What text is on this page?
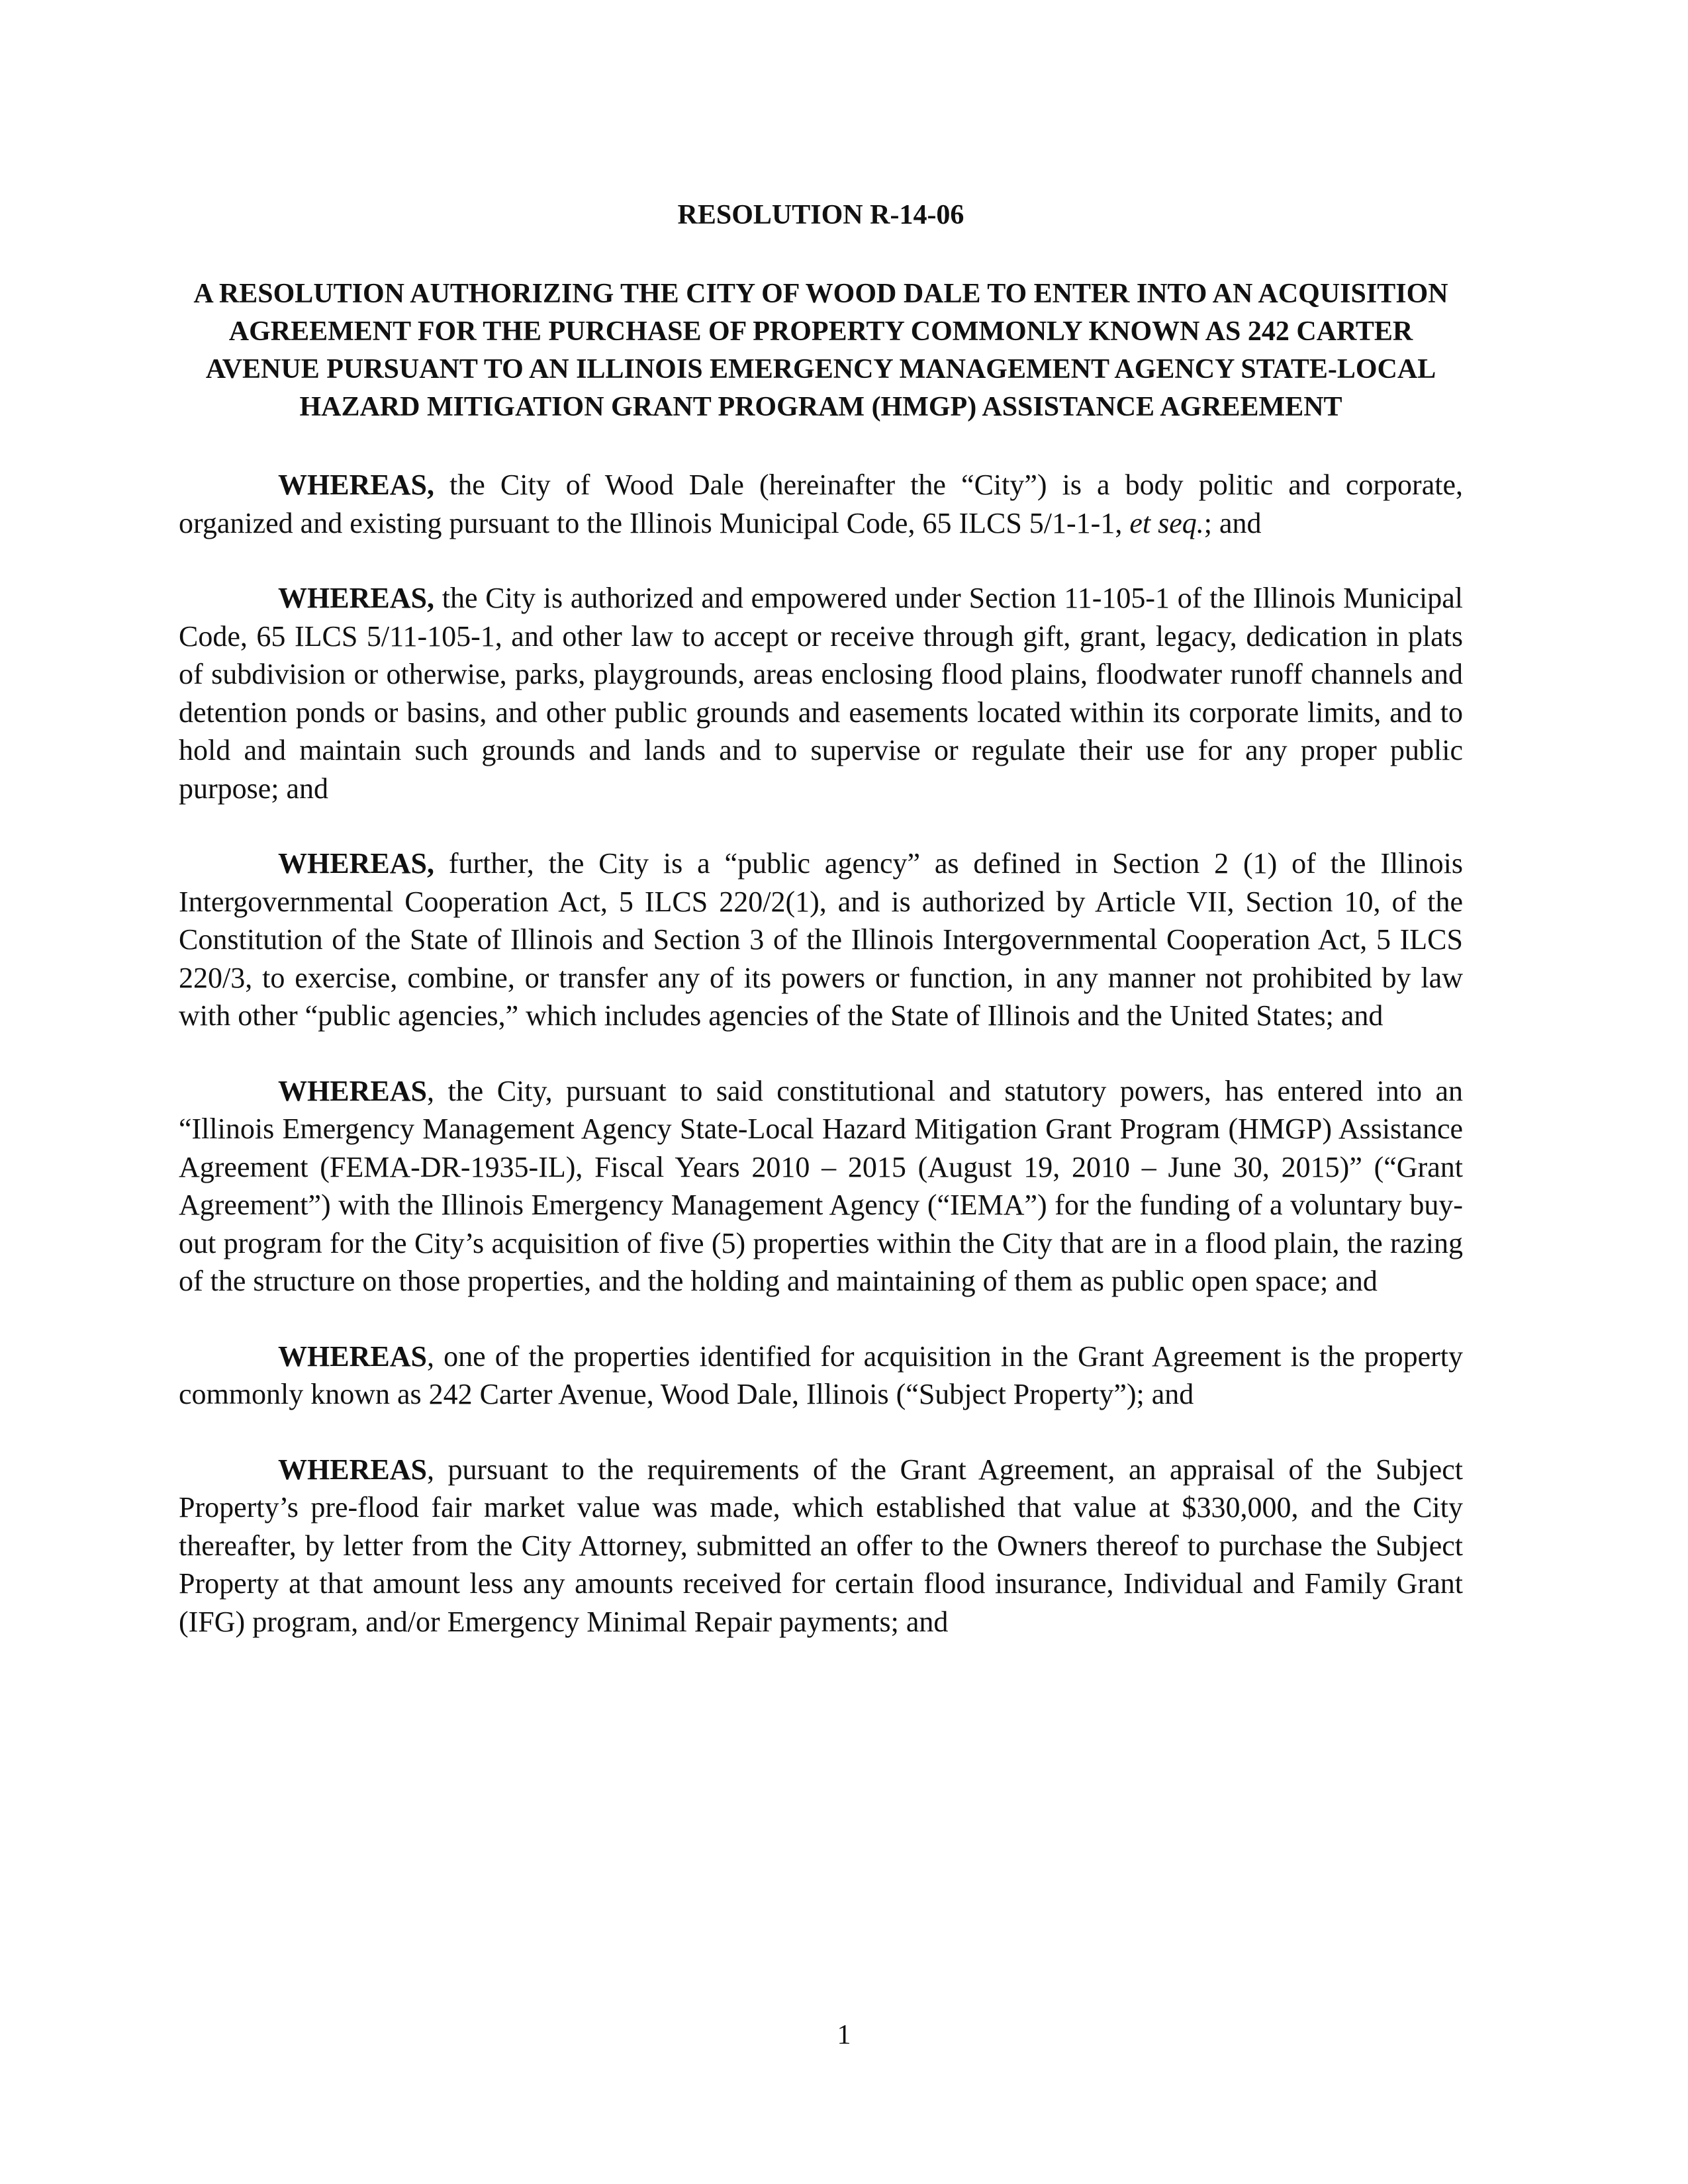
RESOLUTION R-14-06
A RESOLUTION AUTHORIZING THE CITY OF WOOD DALE TO ENTER INTO AN ACQUISITION AGREEMENT FOR THE PURCHASE OF PROPERTY COMMONLY KNOWN AS 242 CARTER AVENUE PURSUANT TO AN ILLINOIS EMERGENCY MANAGEMENT AGENCY STATE-LOCAL HAZARD MITIGATION GRANT PROGRAM (HMGP) ASSISTANCE AGREEMENT

WHEREAS, the City of Wood Dale (hereinafter the “City”) is a body politic and corporate, organized and existing pursuant to the Illinois Municipal Code, 65 ILCS 5/1-1-1, et seq.; and

WHEREAS, the City is authorized and empowered under Section 11-105-1 of the Illinois Municipal Code, 65 ILCS 5/11-105-1, and other law to accept or receive through gift, grant, legacy, dedication in plats of subdivision or otherwise, parks, playgrounds, areas enclosing flood plains, floodwater runoff channels and detention ponds or basins, and other public grounds and easements located within its corporate limits, and to hold and maintain such grounds and lands and to supervise or regulate their use for any proper public purpose; and

WHEREAS, further, the City is a “public agency” as defined in Section 2 (1) of the Illinois Intergovernmental Cooperation Act, 5 ILCS 220/2(1), and is authorized by Article VII, Section 10, of the Constitution of the State of Illinois and Section 3 of the Illinois Intergovernmental Cooperation Act, 5 ILCS 220/3, to exercise, combine, or transfer any of its powers or function, in any manner not prohibited by law with other “public agencies,” which includes agencies of the State of Illinois and the United States; and

WHEREAS, the City, pursuant to said constitutional and statutory powers, has entered into an “Illinois Emergency Management Agency State-Local Hazard Mitigation Grant Program (HMGP) Assistance Agreement (FEMA-DR-1935-IL), Fiscal Years 2010 – 2015 (August 19, 2010 – June 30, 2015)” (“Grant Agreement”) with the Illinois Emergency Management Agency (“IEMA”) for the funding of a voluntary buy-out program for the City’s acquisition of five (5) properties within the City that are in a flood plain, the razing of the structure on those properties, and the holding and maintaining of them as public open space; and

WHEREAS, one of the properties identified for acquisition in the Grant Agreement is the property commonly known as 242 Carter Avenue, Wood Dale, Illinois (“Subject Property”); and

WHEREAS, pursuant to the requirements of the Grant Agreement, an appraisal of the Subject Property’s pre-flood fair market value was made, which established that value at $330,000, and the City thereafter, by letter from the City Attorney, submitted an offer to the Owners thereof to purchase the Subject Property at that amount less any amounts received for certain flood insurance, Individual and Family Grant (IFG) program, and/or Emergency Minimal Repair payments; and

1
